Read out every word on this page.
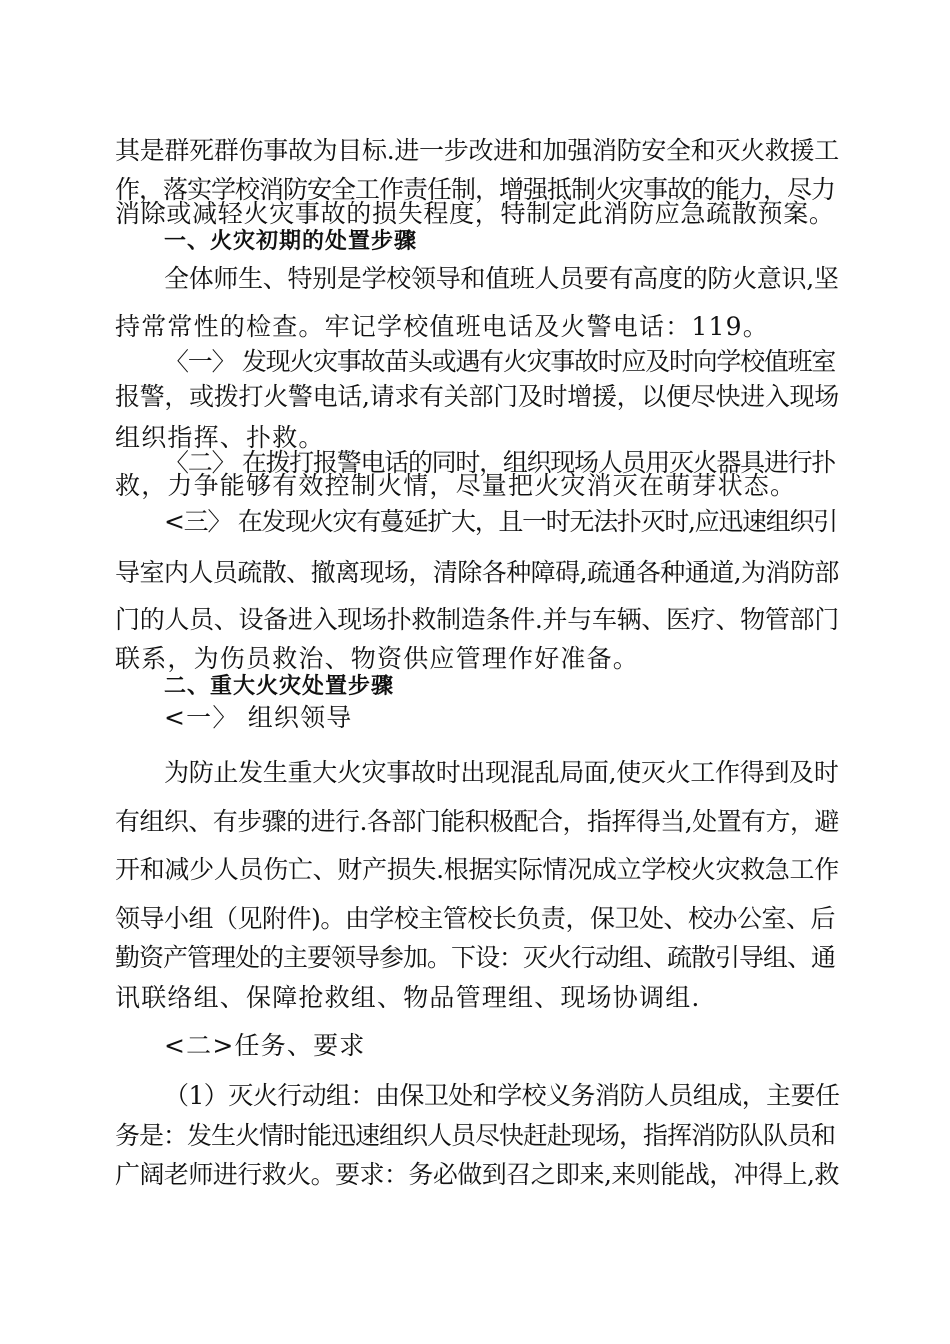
其是群死群伤事故为目标.进一步改进和加强消防安全和灭火救援工
作，落实学校消防安全工作责任制，增强抵制火灾事故的能力，尽力
消除或减轻火灾事故的损失程度，特制定此消防应急疏散预案。
一、火灾初期的处置步骤
全体师生、特别是学校领导和值班人员要有高度的防火意识,坚
持常常性的检查。牢记学校值班电话及火警电话：119。
〈一〉 发现火灾事故苗头或遇有火灾事故时应及时向学校值班室
报警，或拨打火警电话,请求有关部门及时增援，以便尽快进入现场
组织指挥、扑救。
〈二〉 在拨打报警电话的同时，组织现场人员用灭火器具进行扑
救，力争能够有效控制火情，尽量把火灾消灭在萌芽状态。
<三〉 在发现火灾有蔓延扩大，且一时无法扑灭时,应迅速组织引
导室内人员疏散、撤离现场，清除各种障碍,疏通各种通道,为消防部
门的人员、设备进入现场扑救制造条件.并与车辆、医疗、物管部门
联系，为伤员救治、物资供应管理作好准备。
二、重大火灾处置步骤
<一〉 组织领导
为防止发生重大火灾事故时出现混乱局面,使灭火工作得到及时
有组织、有步骤的进行.各部门能积极配合，指挥得当,处置有方，避
开和减少人员伤亡、财产损失.根据实际情况成立学校火灾救急工作
领导小组（见附件)。由学校主管校长负责，保卫处、校办公室、后
勤资产管理处的主要领导参加。下设：灭火行动组、疏散引导组、通
讯联络组、保障抢救组、物品管理组、现场协调组.
<二>任务、要求
（1）灭火行动组：由保卫处和学校义务消防人员组成，主要任
务是：发生火情时能迅速组织人员尽快赶赴现场，指挥消防队队员和
广阔老师进行救火。要求：务必做到召之即来,来则能战，冲得上,救
